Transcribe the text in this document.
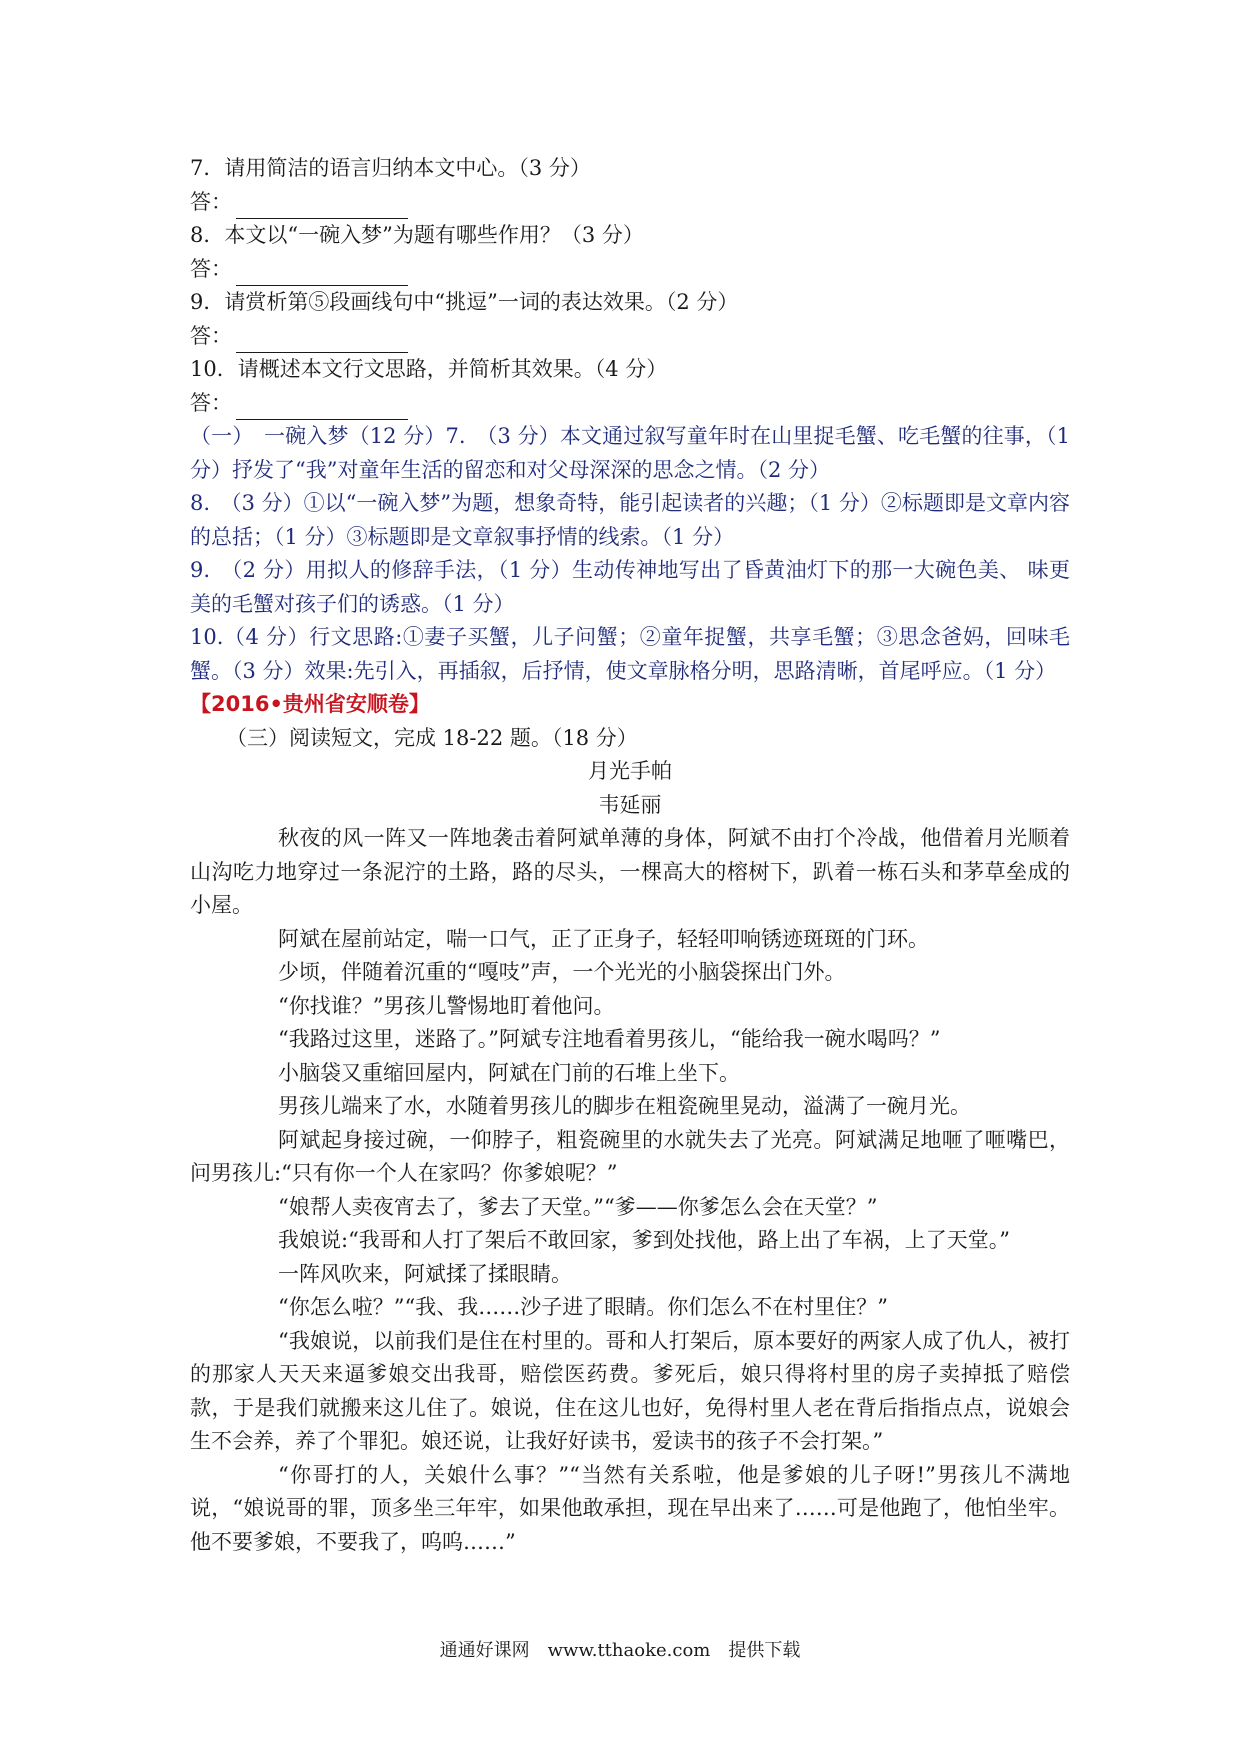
7．请用简洁的语言归纳本文中心。（3 分）
答：
8．本文以“一碗入梦”为题有哪些作用？（3 分）
答：
9．请赏析第⑤段画线句中“挑逗”一词的表达效果。（2 分）
答：
10．请概述本文行文思路，并简析其效果。（4 分）
答：
（一）　一碗入梦（12 分）7.　（3 分）本文通过叙写童年时在山里捉毛蟹、吃毛蟹的往事，（1 分）抒发了“我”对童年生活的留恋和对父母深深的思念之情。（2 分）
8.　（3 分）①以“一碗入梦”为题，想象奇特，能引起读者的兴趣；（1 分）②标题即是文章内容的总括；（1 分）③标题即是文章叙事抒情的线索。（1 分）
9.　（2 分）用拟人的修辞手法，（1 分）生动传神地写出了昏黄油灯下的那一大碗色美、 味更美的毛蟹对孩子们的诱惑。（1 分）
10.（4 分）行文思路:①妻子买蟹，儿子问蟹；②童年捉蟹，共享毛蟹；③思念爸妈，回味毛蟹。（3 分）效果:先引入，再插叙，后抒情，使文章脉格分明，思路清晰，首尾呼应。（1 分）
【2016•贵州省安顺卷】
（三）阅读短文，完成 18-22 题。（18 分）
月光手帕
韦延丽
秋夜的风一阵又一阵地袭击着阿斌单薄的身体，阿斌不由打个冷战，他借着月光顺着山沟吃力地穿过一条泥泞的土路，路的尽头，一棵高大的榕树下，趴着一栋石头和茅草垒成的小屋。
阿斌在屋前站定，喘一口气，正了正身子，轻轻叩响锈迹斑斑的门环。
少顷，伴随着沉重的“嘎吱”声，一个光光的小脑袋探出门外。
“你找谁？”男孩儿警惕地盯着他问。
“我路过这里，迷路了。”阿斌专注地看着男孩儿，“能给我一碗水喝吗？”
小脑袋又重缩回屋内，阿斌在门前的石堆上坐下。
男孩儿端来了水，水随着男孩儿的脚步在粗瓷碗里晃动，溢满了一碗月光。
阿斌起身接过碗，一仰脖子，粗瓷碗里的水就失去了光亮。阿斌满足地咂了咂嘴巴，问男孩儿:“只有你一个人在家吗？你爹娘呢？”
“娘帮人卖夜宵去了，爹去了天堂。”“爹——你爹怎么会在天堂？”
我娘说:“我哥和人打了架后不敢回家，爹到处找他，路上出了车祸，上了天堂。”
一阵风吹来，阿斌揉了揉眼睛。
“你怎么啦？”“我、我……沙子进了眼睛。你们怎么不在村里住？”
“我娘说，以前我们是住在村里的。哥和人打架后，原本要好的两家人成了仇人，被打的那家人天天来逼爹娘交出我哥，赔偿医药费。爹死后，娘只得将村里的房子卖掉抵了赔偿款，于是我们就搬来这儿住了。娘说，住在这儿也好，免得村里人老在背后指指点点，说娘会生不会养，养了个罪犯。娘还说，让我好好读书，爱读书的孩子不会打架。”
“你哥打的人，关娘什么事？”“当然有关系啦，他是爹娘的儿子呀!”男孩儿不满地说，“娘说哥的罪，顶多坐三年牢，如果他敢承担，现在早出来了……可是他跑了，他怕坐牢。他不要爹娘，不要我了，呜呜……”
通通好课网　www.tthaoke.com　提供下载
